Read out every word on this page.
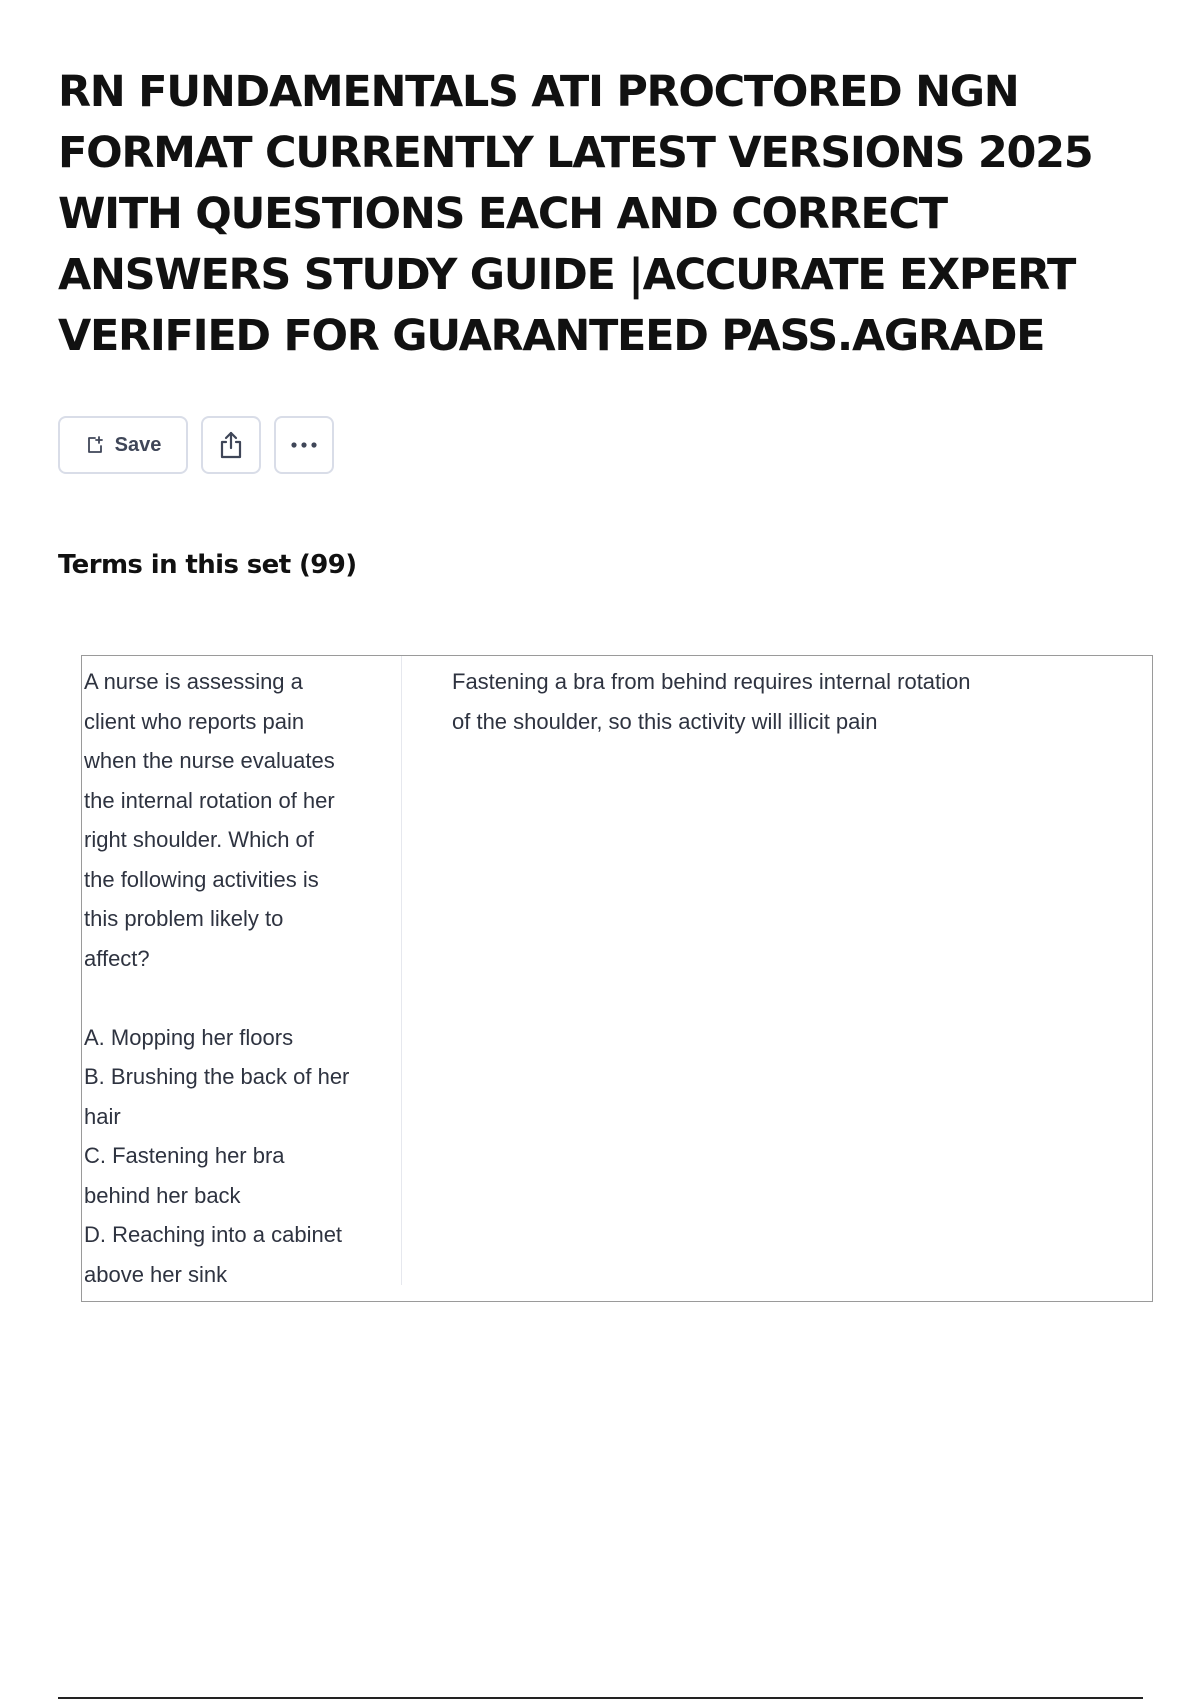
RN FUNDAMENTALS ATI PROCTORED NGN FORMAT CURRENTLY LATEST VERSIONS 2025 WITH QUESTIONS EACH AND CORRECT ANSWERS STUDY GUIDE |ACCURATE EXPERT VERIFIED FOR GUARANTEED PASS.AGRADE
Save
Terms in this set (99)

A nurse is assessing a
client who reports pain
when the nurse evaluates
the internal rotation of her
right shoulder. Which of
the following activities is
this problem likely to
affect?

A. Mopping her floors
B. Brushing the back of her
hair
C. Fastening her bra
behind her back
D. Reaching into a cabinet
above her sink

Fastening a bra from behind requires internal rotation
of the shoulder, so this activity will illicit pain
